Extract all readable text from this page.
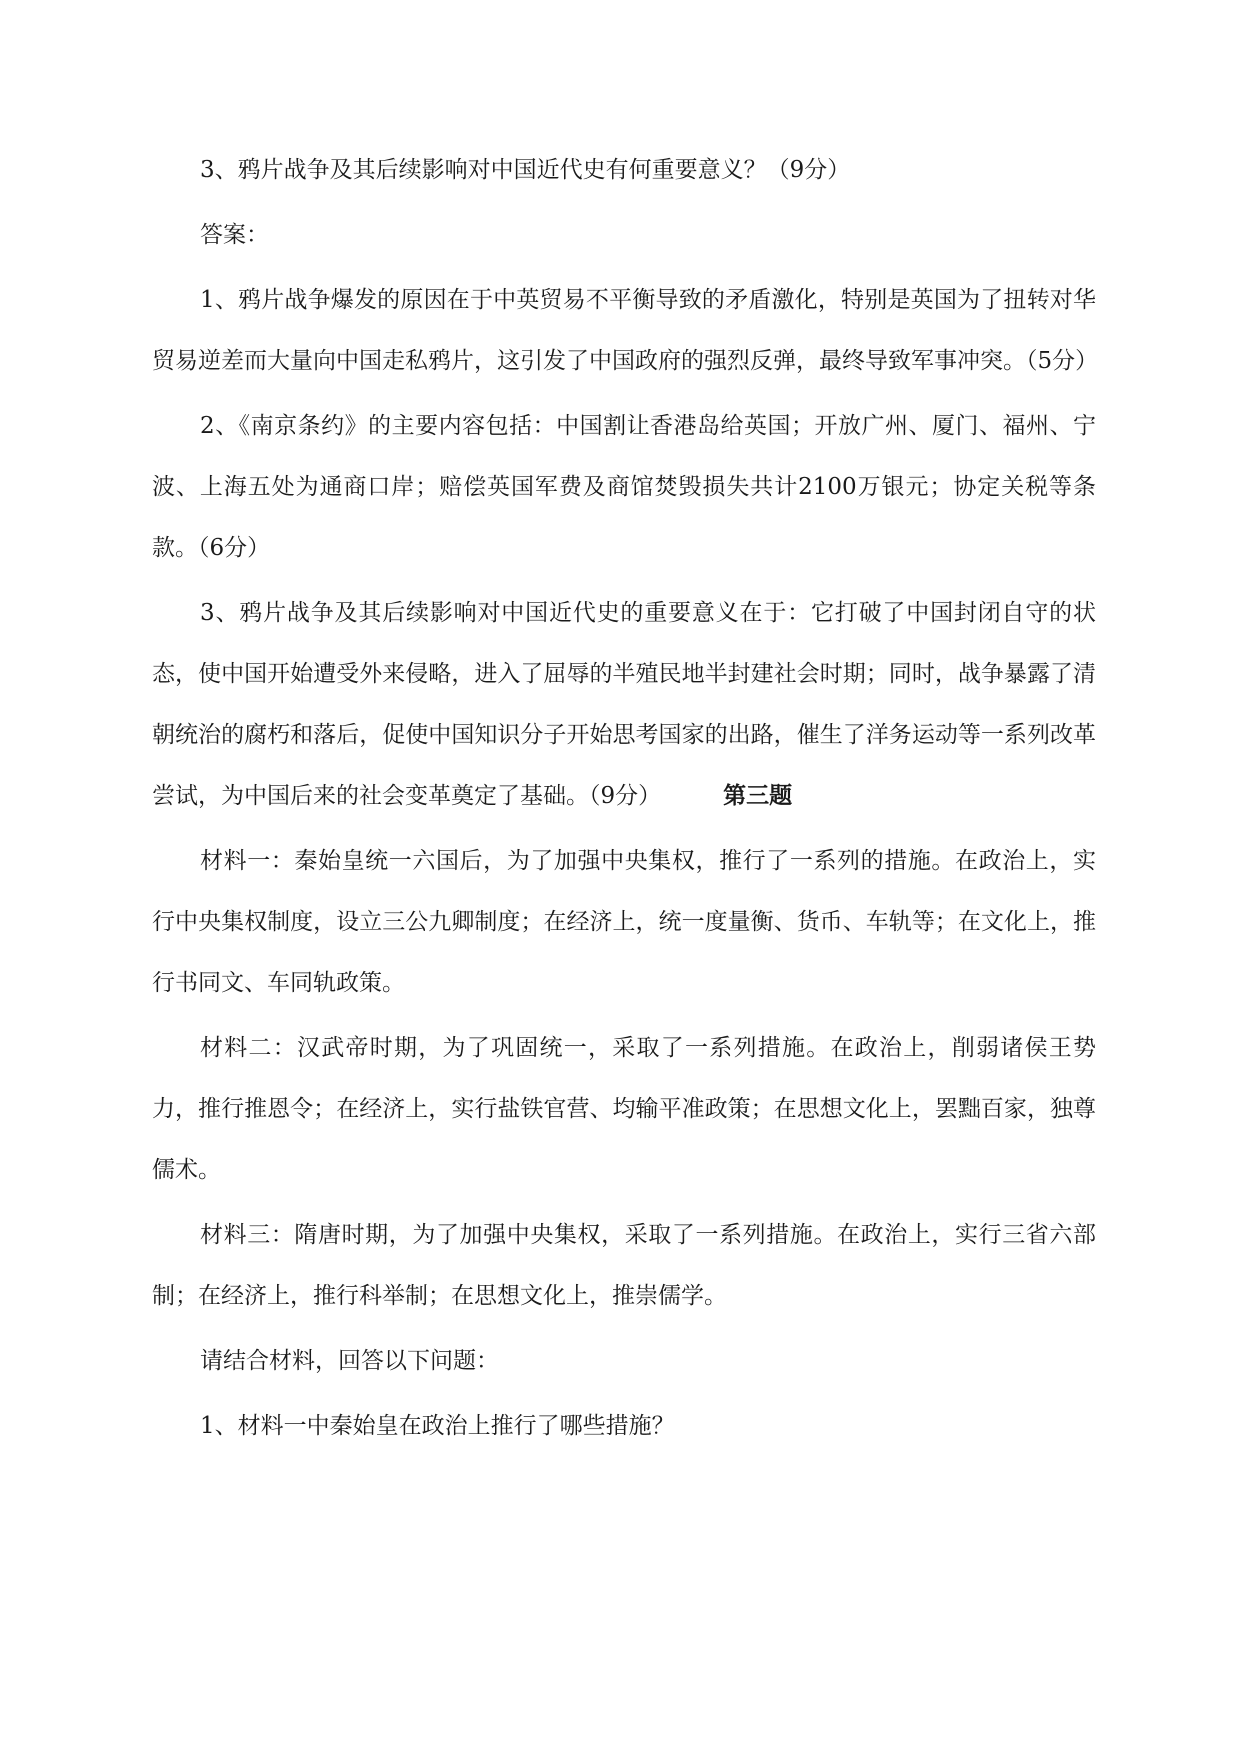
3、鸦片战争及其后续影响对中国近代史有何重要意义？（9分）

答案：

1、鸦片战争爆发的原因在于中英贸易不平衡导致的矛盾激化，特别是英国为了扭转对华贸易逆差而大量向中国走私鸦片，这引发了中国政府的强烈反弹，最终导致军事冲突。（5分）

2、《南京条约》的主要内容包括：中国割让香港岛给英国；开放广州、厦门、福州、宁波、上海五处为通商口岸；赔偿英国军费及商馆焚毁损失共计2100万银元；协定关税等条款。（6分）

3、鸦片战争及其后续影响对中国近代史的重要意义在于：它打破了中国封闭自守的状态，使中国开始遭受外来侵略，进入了屈辱的半殖民地半封建社会时期；同时，战争暴露了清朝统治的腐朽和落后，促使中国知识分子开始思考国家的出路，催生了洋务运动等一系列改革尝试，为中国后来的社会变革奠定了基础。（9分）	第三题

材料一：秦始皇统一六国后，为了加强中央集权，推行了一系列的措施。在政治上，实行中央集权制度，设立三公九卿制度；在经济上，统一度量衡、货币、车轨等；在文化上，推行书同文、车同轨政策。

材料二：汉武帝时期，为了巩固统一，采取了一系列措施。在政治上，削弱诸侯王势力，推行推恩令；在经济上，实行盐铁官营、均输平准政策；在思想文化上，罢黜百家，独尊儒术。

材料三：隋唐时期，为了加强中央集权，采取了一系列措施。在政治上，实行三省六部制；在经济上，推行科举制；在思想文化上，推崇儒学。

请结合材料，回答以下问题：

1、材料一中秦始皇在政治上推行了哪些措施？
